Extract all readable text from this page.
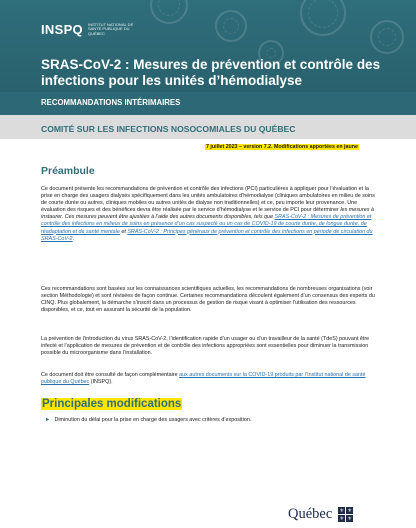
INSPQ INSTITUT NATIONAL DE SANTÉ PUBLIQUE DU QUÉBEC
SRAS-CoV-2 : Mesures de prévention et contrôle des infections pour les unités d’hémodialyse
RECOMMANDATIONS INTÉRIMAIRES
COMITÉ SUR LES INFECTIONS NOSOCOMIALES DU QUÉBEC
7 juillet 2023 – version 7.2. Modifications apportées en jaune
Préambule
Ce document présente les recommandations de prévention et contrôle des infections (PCI) particulières à appliquer pour l’évaluation et la prise en charge des usagers dialysés spécifiquement dans les unités ambulatoires d’hémodialyse (cliniques ambulatoires en milieu de soins de courte durée ou autres, cliniques mobiles ou autres unités de dialyse non traditionnelles) et ce, peu importe leur provenance. Une évaluation des risques et des bénéfices devra être réalisée par le service d’hémodialyse et le service de PCI pour déterminer les mesures à instaurer. Ces mesures peuvent être ajustées à l’aide des autres documents disponibles, tels que SRAS-CoV-2 : Mesures de prévention et contrôle des infections en milieux de soins en présence d’un cas suspecté ou un cas de COVID-19 de courte durée, de longue durée, de réadaptation et de santé mentale et SRAS-CoV-2 : Principes généraux de prévention et contrôle des infections en période de circulation du SRAS-CoV-2.
Ces recommandations sont basées sur les connaissances scientifiques actuelles, les recommandations de nombreuses organisations (voir section Méthodologie) et sont révisées de façon continue. Certaines recommandations découlent également d’un consensus des experts du CINQ. Plus globalement, la démarche s’inscrit dans un processus de gestion de risque visant à optimiser l’utilisation des ressources disponibles, et ce, tout en assurant la sécurité de la population.
La prévention de l’introduction du virus SRAS-CoV-2, l’identification rapide d’un usager ou d’un travailleur de la santé (TdeS) pouvant être infecté et l’application de mesures de prévention et de contrôle des infections appropriées sont essentielles pour diminuer la transmission possible du microorganisme dans l’installation.
Ce document doit être consulté de façon complémentaire aux autres documents sur la COVID-19 produits par l’Institut national de santé publique du Québec (INSPQ).
Principales modifications
► Diminution du délai pour la prise en charge des usagers avec critères d’exposition.
Québec ⚜ ⚜
⚜ ⚜
